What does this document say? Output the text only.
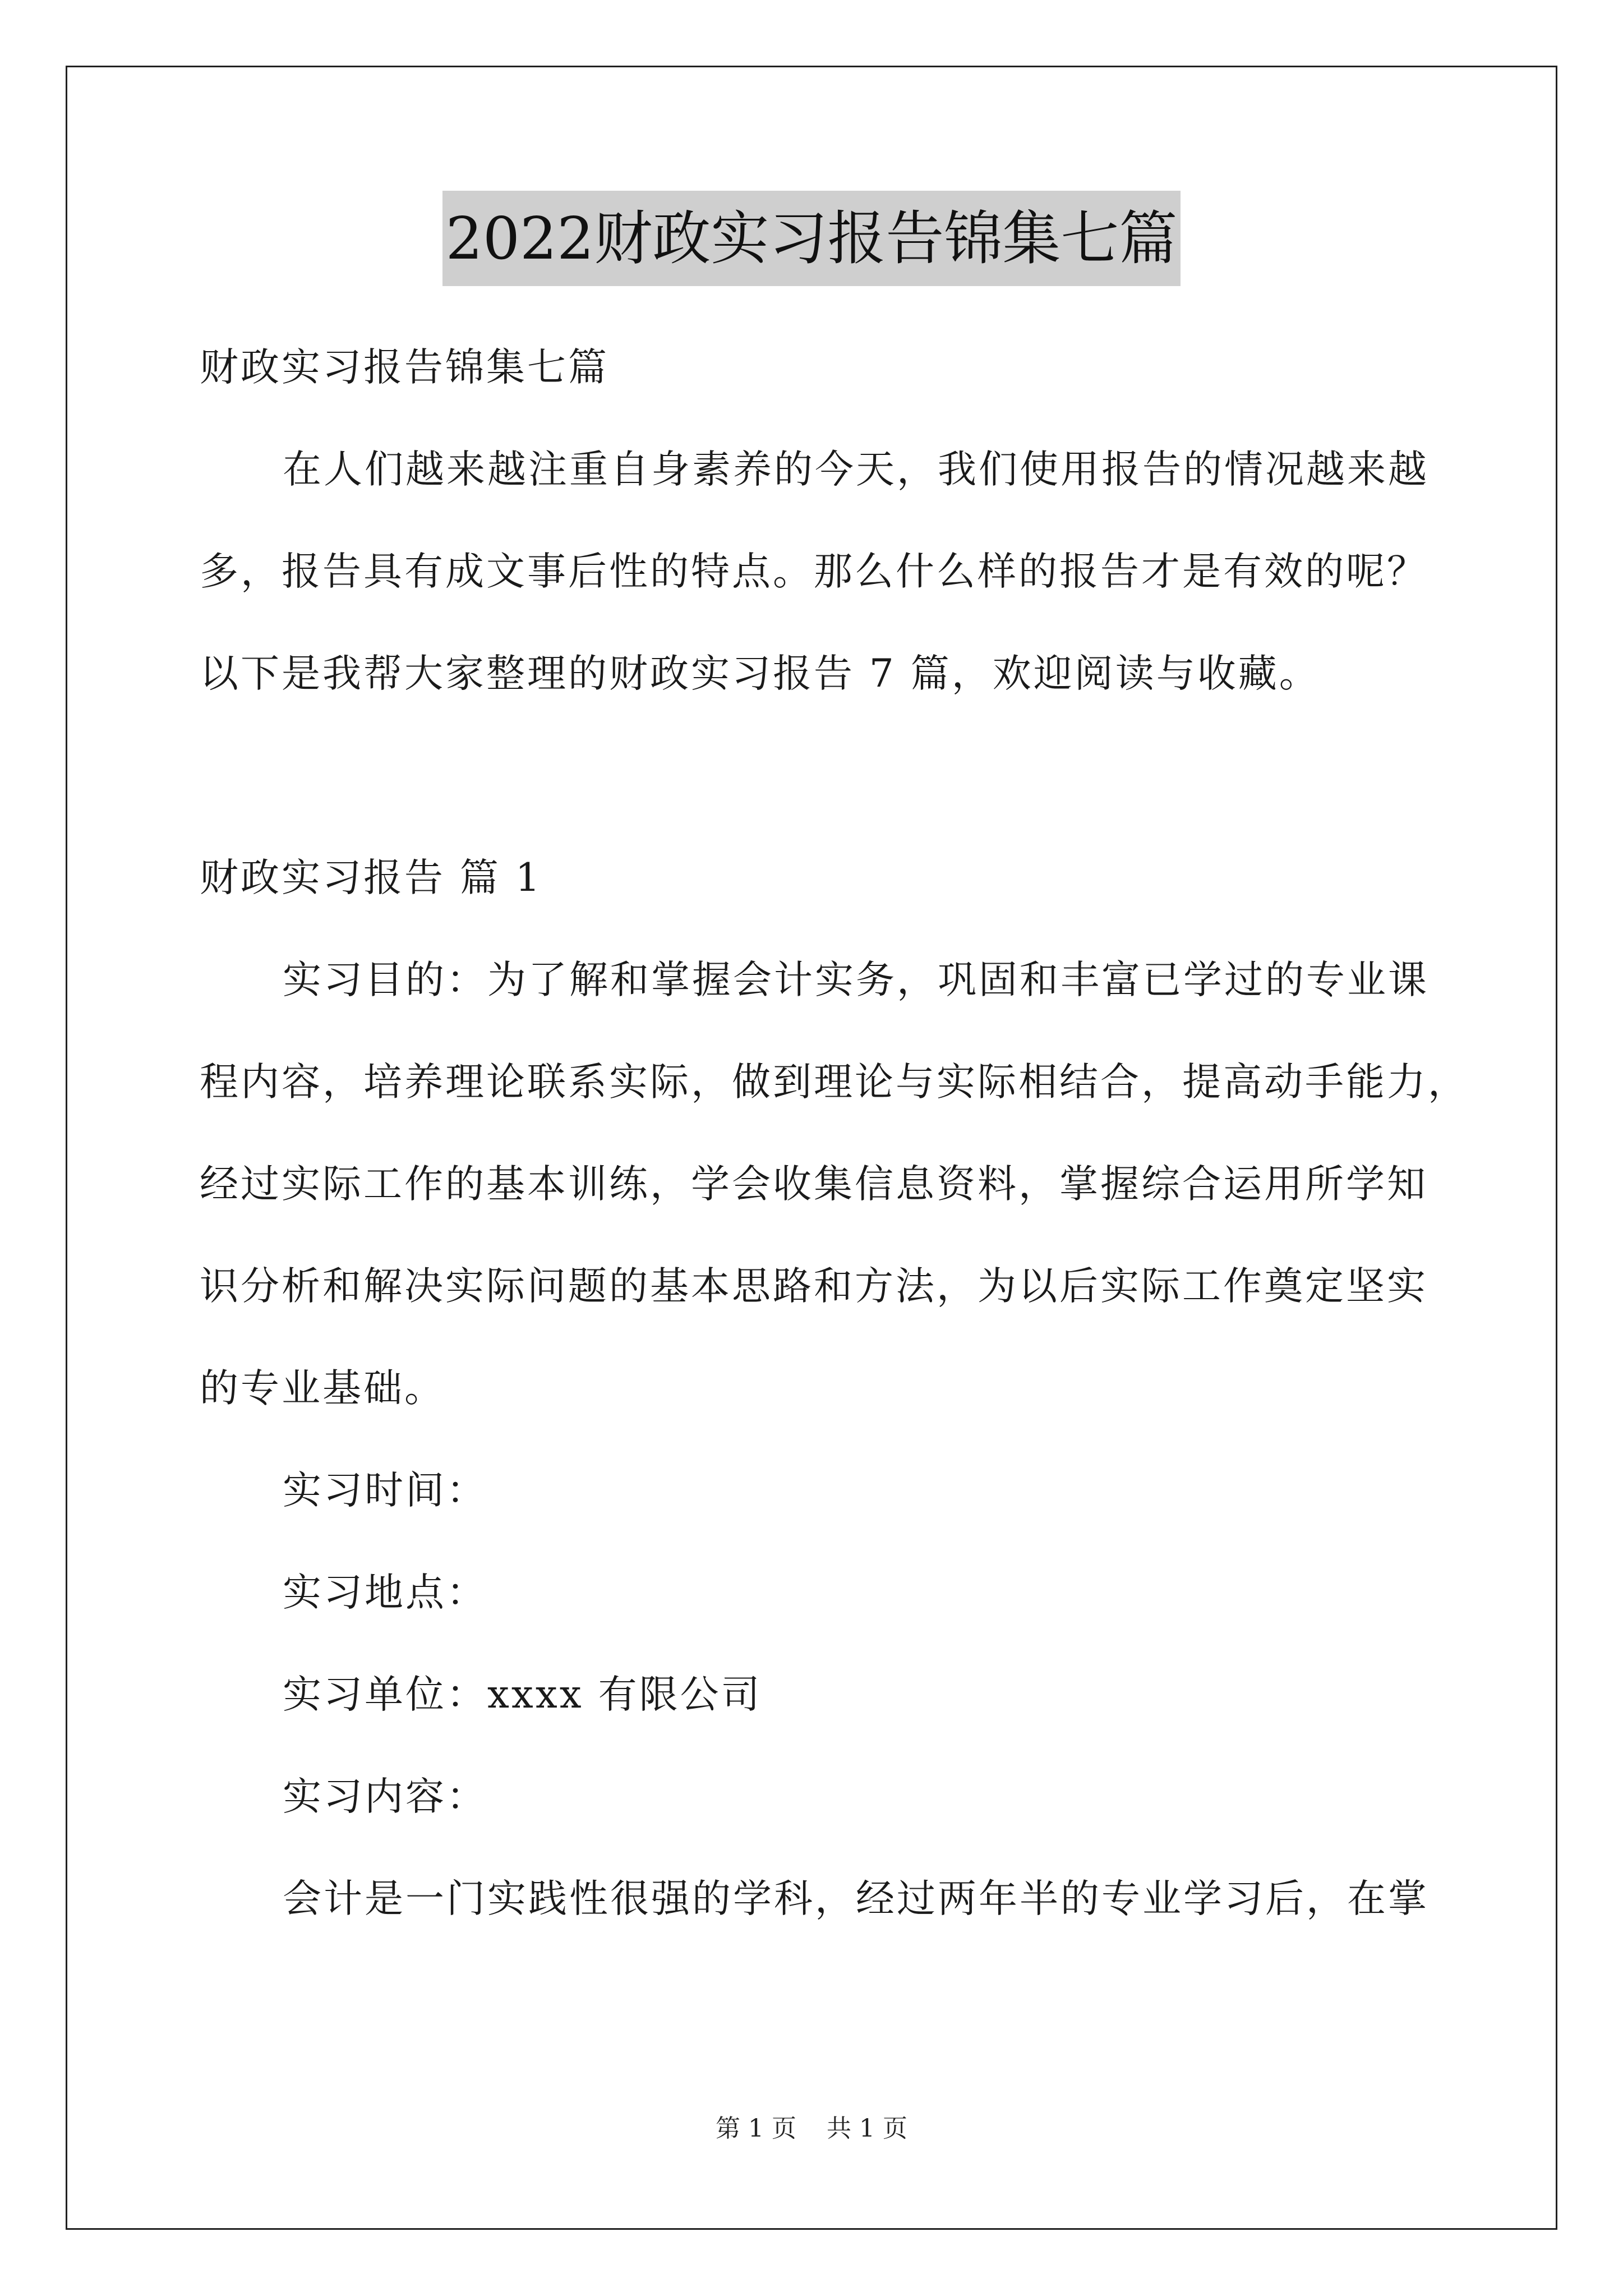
2022财政实习报告锦集七篇
财政实习报告锦集七篇
在人们越来越注重自身素养的今天，我们使用报告的情况越来越
多，报告具有成文事后性的特点。那么什么样的报告才是有效的呢？
以下是我帮大家整理的财政实习报告 7 篇，欢迎阅读与收藏。
财政实习报告 篇 1
实习目的：为了解和掌握会计实务，巩固和丰富已学过的专业课
程内容，培养理论联系实际，做到理论与实际相结合，提高动手能力，
经过实际工作的基本训练，学会收集信息资料，掌握综合运用所学知
识分析和解决实际问题的基本思路和方法，为以后实际工作奠定坚实
的专业基础。
实习时间：
实习地点：
实习单位：xxxx 有限公司
实习内容：
会计是一门实践性很强的学科，经过两年半的专业学习后，在掌
第 1 页 共 1 页
